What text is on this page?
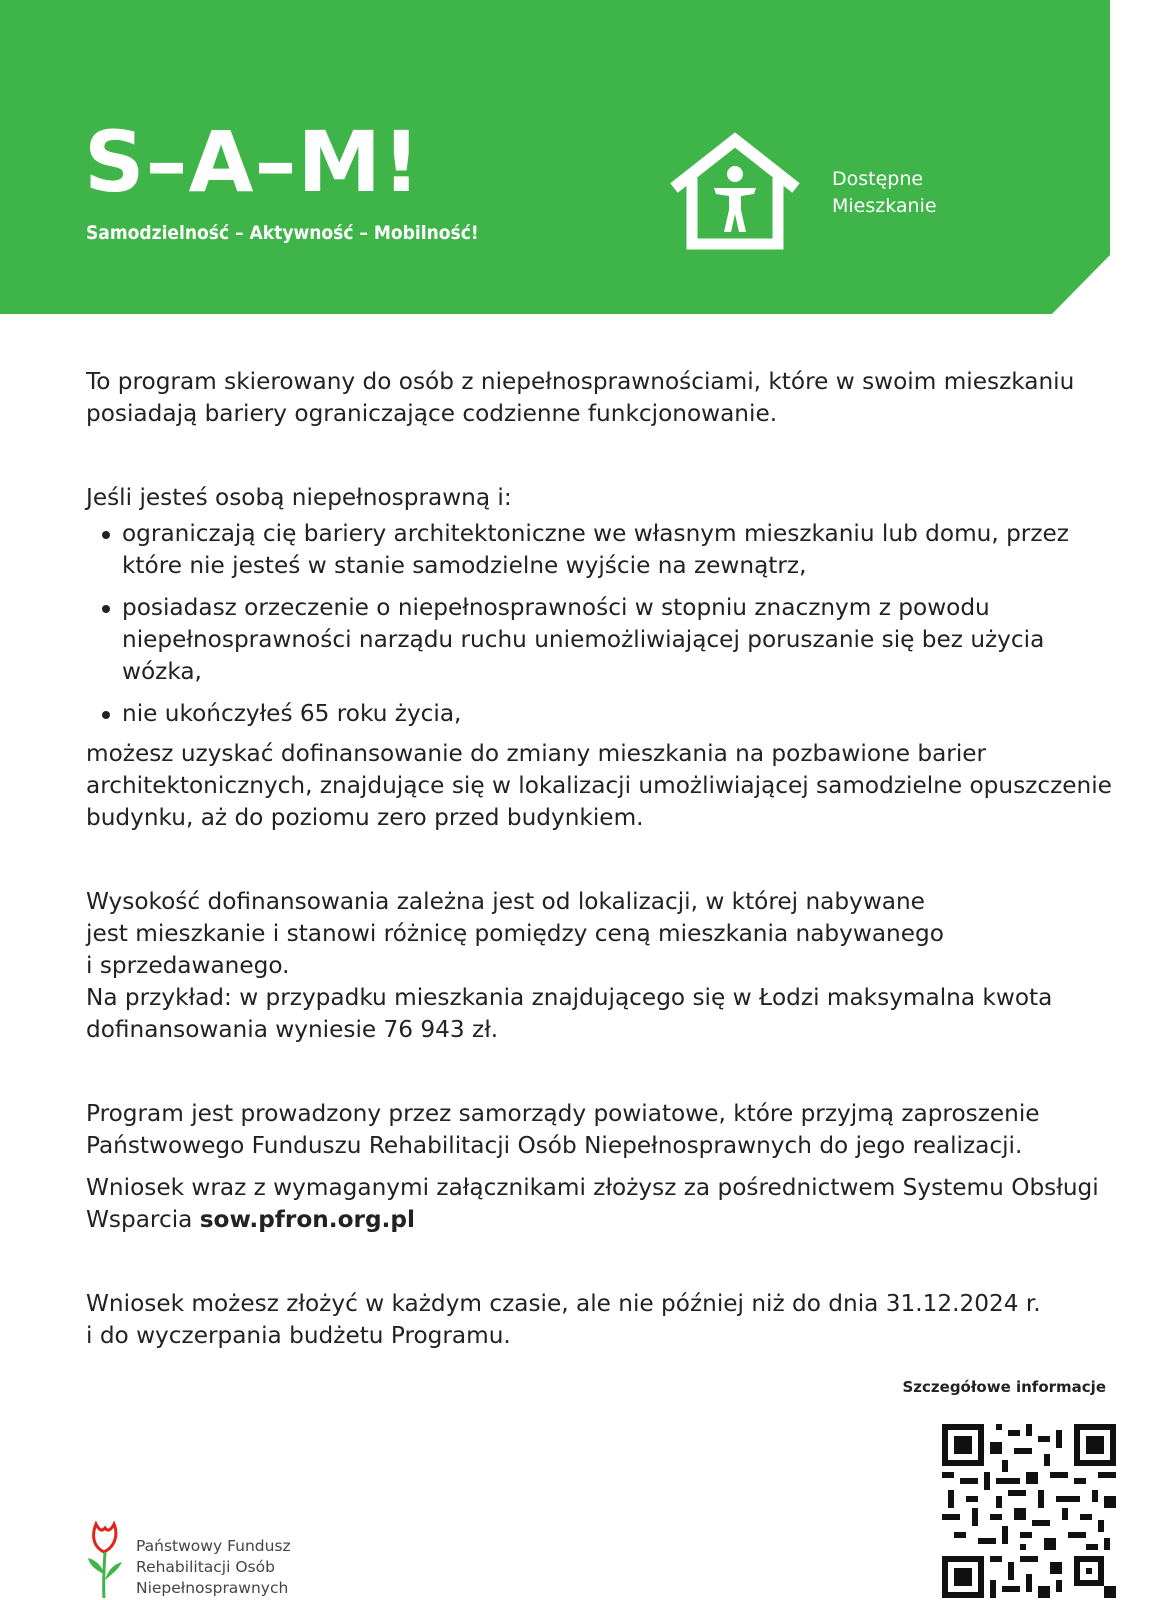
S–A–M!
Samodzielność – Aktywność – Mobilność!
Dostępne
Mieszkanie

To program skierowany do osób z niepełnosprawnościami, które w swoim mieszkaniu posiadają bariery ograniczające codzienne funkcjonowanie.

Jeśli jesteś osobą niepełnosprawną i:

ograniczają cię bariery architektoniczne we własnym mieszkaniu lub domu, przez które nie jesteś w stanie samodzielne wyjście na zewnątrz,
posiadasz orzeczenie o niepełnosprawności w stopniu znacznym z powodu niepełnosprawności narządu ruchu uniemożliwiającej poruszanie się bez użycia wózka,
nie ukończyłeś 65 roku życia,

możesz uzyskać dofinansowanie do zmiany mieszkania na pozbawione barier architektonicznych, znajdujące się w lokalizacji umożliwiającej samodzielne opuszczenie budynku, aż do poziomu zero przed budynkiem.

Wysokość dofinansowania zależna jest od lokalizacji, w której nabywane
jest mieszkanie i stanowi różnicę pomiędzy ceną mieszkania nabywanego
i sprzedawanego.
Na przykład: w przypadku mieszkania znajdującego się w Łodzi maksymalna kwota dofinansowania wyniesie 76 943 zł.

Program jest prowadzony przez samorządy powiatowe, które przyjmą zaproszenie Państwowego Funduszu Rehabilitacji Osób Niepełnosprawnych do jego realizacji.

Wniosek wraz z wymaganymi załącznikami złożysz za pośrednictwem Systemu Obsługi Wsparcia sow.pfron.org.pl

Wniosek możesz złożyć w każdym czasie, ale nie później niż do dnia 31.12.2024 r.
i do wyczerpania budżetu Programu.
Szczegółowe informacje
Państwowy Fundusz
Rehabilitacji Osób
Niepełnosprawnych
